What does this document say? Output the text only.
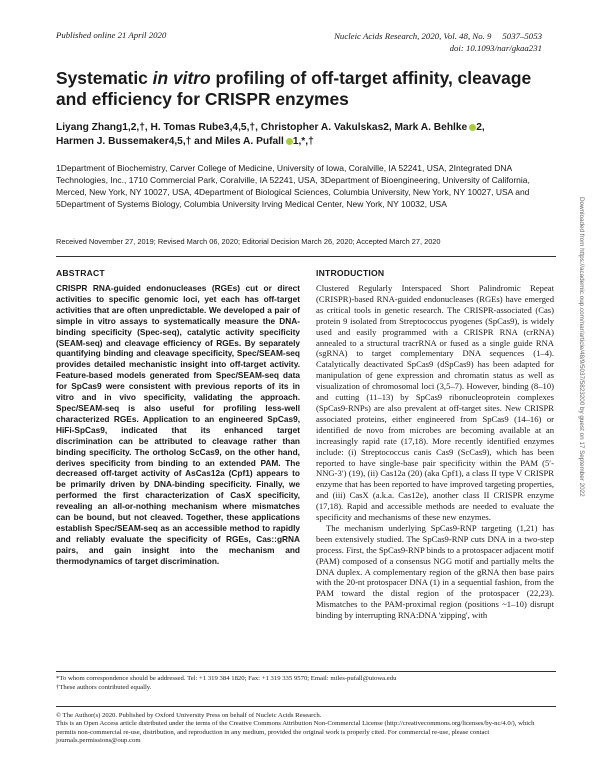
Published online 21 April 2020	Nucleic Acids Research, 2020, Vol. 48, No. 9 5037–5053
doi: 10.1093/nar/gkaa231
Systematic in vitro profiling of off-target affinity, cleavage and efficiency for CRISPR enzymes
Liyang Zhang1,2,†, H. Tomas Rube3,4,5,†, Christopher A. Vakulskas2, Mark A. Behlke 2,
Harmen J. Bussemaker4,5,† and Miles A. Pufall 1,*,†
1Department of Biochemistry, Carver College of Medicine, University of Iowa, Coralville, IA 52241, USA, 2Integrated DNA Technologies, Inc., 1710 Commercial Park, Coralville, IA 52241, USA, 3Department of Bioengineering, University of California, Merced, New York, NY 10027, USA, 4Department of Biological Sciences, Columbia University, New York, NY 10027, USA and 5Department of Systems Biology, Columbia University Irving Medical Center, New York, NY 10032, USA
Received November 27, 2019; Revised March 06, 2020; Editorial Decision March 26, 2020; Accepted March 27, 2020
ABSTRACT
CRISPR RNA-guided endonucleases (RGEs) cut or direct activities to specific genomic loci, yet each has off-target activities that are often unpredictable. We developed a pair of simple in vitro assays to systematically measure the DNA-binding specificity (Spec-seq), catalytic activity specificity (SEAM-seq) and cleavage efficiency of RGEs. By separately quantifying binding and cleavage specificity, Spec/SEAM-seq provides detailed mechanistic insight into off-target activity. Feature-based models generated from Spec/SEAM-seq data for SpCas9 were consistent with previous reports of its in vitro and in vivo specificity, validating the approach. Spec/SEAM-seq is also useful for profiling less-well characterized RGEs. Application to an engineered SpCas9, HiFi-SpCas9, indicated that its enhanced target discrimination can be attributed to cleavage rather than binding specificity. The ortholog ScCas9, on the other hand, derives specificity from binding to an extended PAM. The decreased off-target activity of AsCas12a (Cpf1) appears to be primarily driven by DNA-binding specificity. Finally, we performed the first characterization of CasX specificity, revealing an all-or-nothing mechanism where mismatches can be bound, but not cleaved. Together, these applications establish Spec/SEAM-seq as an accessible method to rapidly and reliably evaluate the specificity of RGEs, Cas::gRNA pairs, and gain insight into the mechanism and thermodynamics of target discrimination.
INTRODUCTION

Clustered Regularly Interspaced Short Palindromic Repeat (CRISPR)-based RNA-guided endonucleases (RGEs) have emerged as critical tools in genetic research. The CRISPR-associated (Cas) protein 9 isolated from Streptococcus pyogenes (SpCas9), is widely used and easily programmed with a CRISPR RNA (crRNA) annealed to a structural tracrRNA or fused as a single guide RNA (sgRNA) to target complementary DNA sequences (1–4). Catalytically deactivated SpCas9 (dSpCas9) has been adapted for manipulation of gene expression and chromatin status as well as visualization of chromosomal loci (3,5–7). However, binding (8–10) and cutting (11–13) by SpCas9 ribonucleoprotein complexes (SpCas9-RNPs) are also prevalent at off-target sites. New CRISPR associated proteins, either engineered from SpCas9 (14–16) or identified de novo from microbes are becoming available at an increasingly rapid rate (17,18). More recently identified enzymes include: (i) Streptococcus canis Cas9 (ScCas9), which has been reported to have single-base pair specificity within the PAM (5′-NNG-3′) (19), (ii) Cas12a (20) (aka Cpf1), a class II type V CRISPR enzyme that has been reported to have improved targeting properties, and (iii) CasX (a.k.a. Cas12e), another class II CRISPR enzyme (17,18). Rapid and accessible methods are needed to evaluate the specificity and mechanisms of these new enzymes.

The mechanism underlying SpCas9-RNP targeting (1,21) has been extensively studied. The SpCas9-RNP cuts DNA in a two-step process. First, the SpCas9-RNP binds to a protospacer adjacent motif (PAM) composed of a consensus NGG motif and partially melts the DNA duplex. A complementary region of the gRNA then base pairs with the 20-nt protospacer DNA (1) in a sequential fashion, from the PAM toward the distal region of the protospacer (22,23). Mismatches to the PAM-proximal region (positions ~1–10) disrupt binding by interrupting RNA:DNA 'zipping', with

*To whom correspondence should be addressed. Tel: +1 319 384 1820; Fax: +1 319 335 9570; Email: miles-pufall@uiowa.edu
†These authors contributed equally.
© The Author(s) 2020. Published by Oxford University Press on behalf of Nucleic Acids Research.
This is an Open Access article distributed under the terms of the Creative Commons Attribution Non-Commercial License (http://creativecommons.org/licenses/by-nc/4.0/), which permits non-commercial re-use, distribution, and reproduction in any medium, provided the original work is properly cited. For commercial re-use, please contact journals.permissions@oup.com
Downloaded from https://academic.oup.com/nar/article/48/9/5037/5823200 by guest on 17 September 2022
